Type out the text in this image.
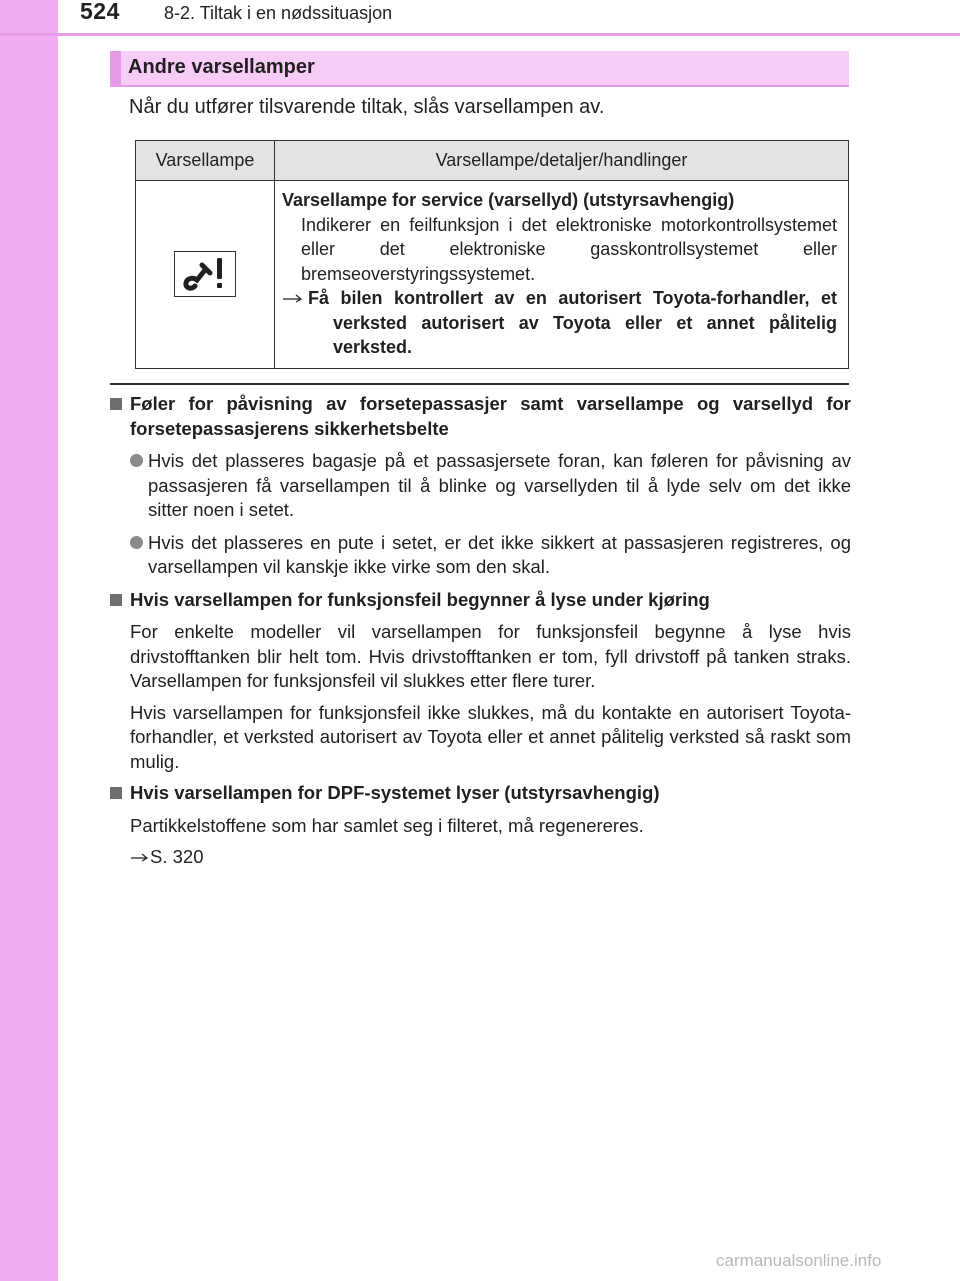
524 8-2. Tiltak i en nødssituasjon
Andre varsellamper
Når du utfører tilsvarende tiltak, slås varsellampen av.
Varsellampe	Varsellampe/detaljer/handlinger

Varsellampe for service (varsellyd) (utstyrsavhengig)
Indikerer en feilfunksjon i det elektroniske motorkontrollsystemet eller det elektroniske gasskontrollsystemet eller bremseoverstyringssystemet.
Få bilen kontrollert av en autorisert Toyota-forhandler, et verksted autorisert av Toyota eller et annet pålitelig verksted.
Føler for påvisning av forsetepassasjer samt varsellampe og varsellyd for forsetepassasjerens sikkerhetsbelte
Hvis det plasseres bagasje på et passasjersete foran, kan føleren for påvisning av passasjeren få varsellampen til å blinke og varsellyden til å lyde selv om det ikke sitter noen i setet.
Hvis det plasseres en pute i setet, er det ikke sikkert at passasjeren registreres, og varsellampen vil kanskje ikke virke som den skal.
Hvis varsellampen for funksjonsfeil begynner å lyse under kjøring
For enkelte modeller vil varsellampen for funksjonsfeil begynne å lyse hvis drivstofftanken blir helt tom. Hvis drivstofftanken er tom, fyll drivstoff på tanken straks. Varsellampen for funksjonsfeil vil slukkes etter flere turer.
Hvis varsellampen for funksjonsfeil ikke slukkes, må du kontakte en autorisert Toyota-forhandler, et verksted autorisert av Toyota eller et annet pålitelig verksted så raskt som mulig.
Hvis varsellampen for DPF-systemet lyser (utstyrsavhengig)
Partikkelstoffene som har samlet seg i filteret, må regenereres.
S. 320
carmanualsonline.info
